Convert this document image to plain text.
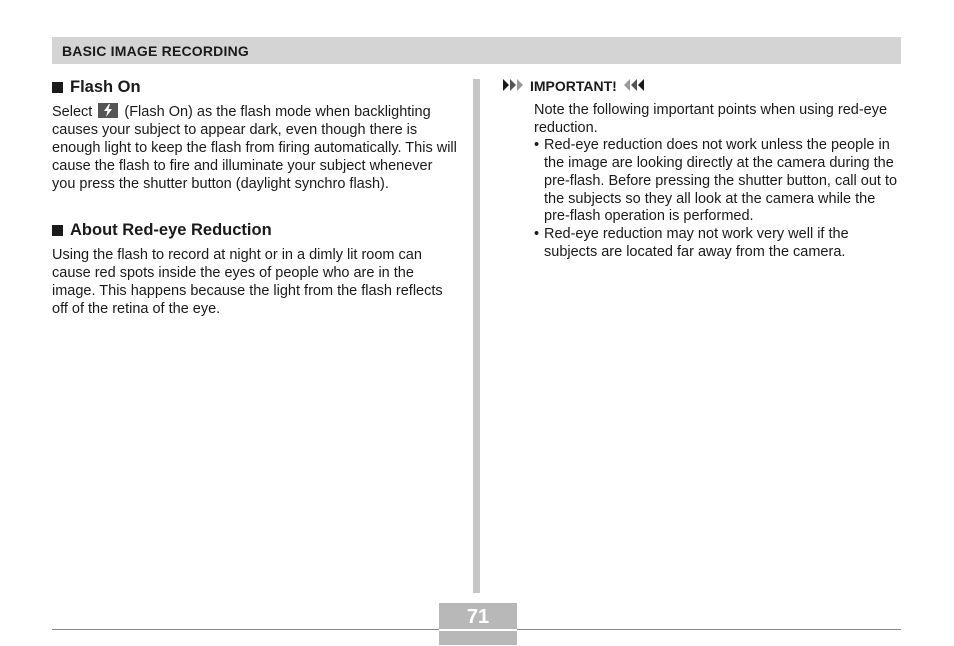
BASIC IMAGE RECORDING
Flash On

Select (Flash On) as the flash mode when backlighting causes your subject to appear dark, even though there is enough light to keep the flash from firing automatically. This will cause the flash to fire and illuminate your subject whenever you press the shutter button (daylight synchro flash).

About Red-eye Reduction

Using the flash to record at night or in a dimly lit room can cause red spots inside the eyes of people who are in the image. This happens because the light from the flash reflects off of the retina of the eye.

IMPORTANT!

Note the following important points when using red-eye reduction.

• Red-eye reduction does not work unless the people in the image are looking directly at the camera during the pre-flash. Before pressing the shutter button, call out to the subjects so they all look at the camera while the pre-flash operation is performed.
• Red-eye reduction may not work very well if the subjects are located far away from the camera.
71
